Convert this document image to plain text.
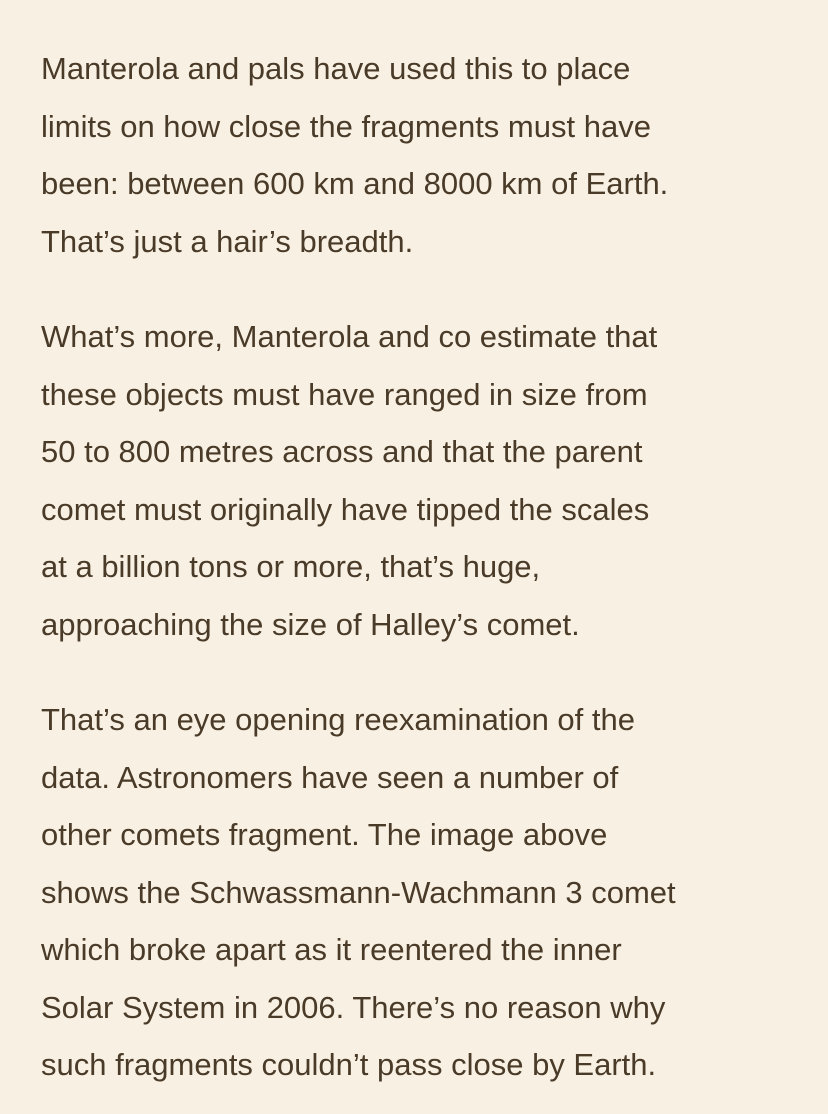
Manterola and pals have used this to place
limits on how close the fragments must have
been: between 600 km and 8000 km of Earth.
That’s just a hair’s breadth.

What’s more, Manterola and co estimate that
these objects must have ranged in size from
50 to 800 metres across and that the parent
comet must originally have tipped the scales
at a billion tons or more, that’s huge,
approaching the size of Halley’s comet.

That’s an eye opening reexamination of the
data. Astronomers have seen a number of
other comets fragment. The image above
shows the Schwassmann-Wachmann 3 comet
which broke apart as it reentered the inner
Solar System in 2006. There’s no reason why
such fragments couldn’t pass close by Earth.
